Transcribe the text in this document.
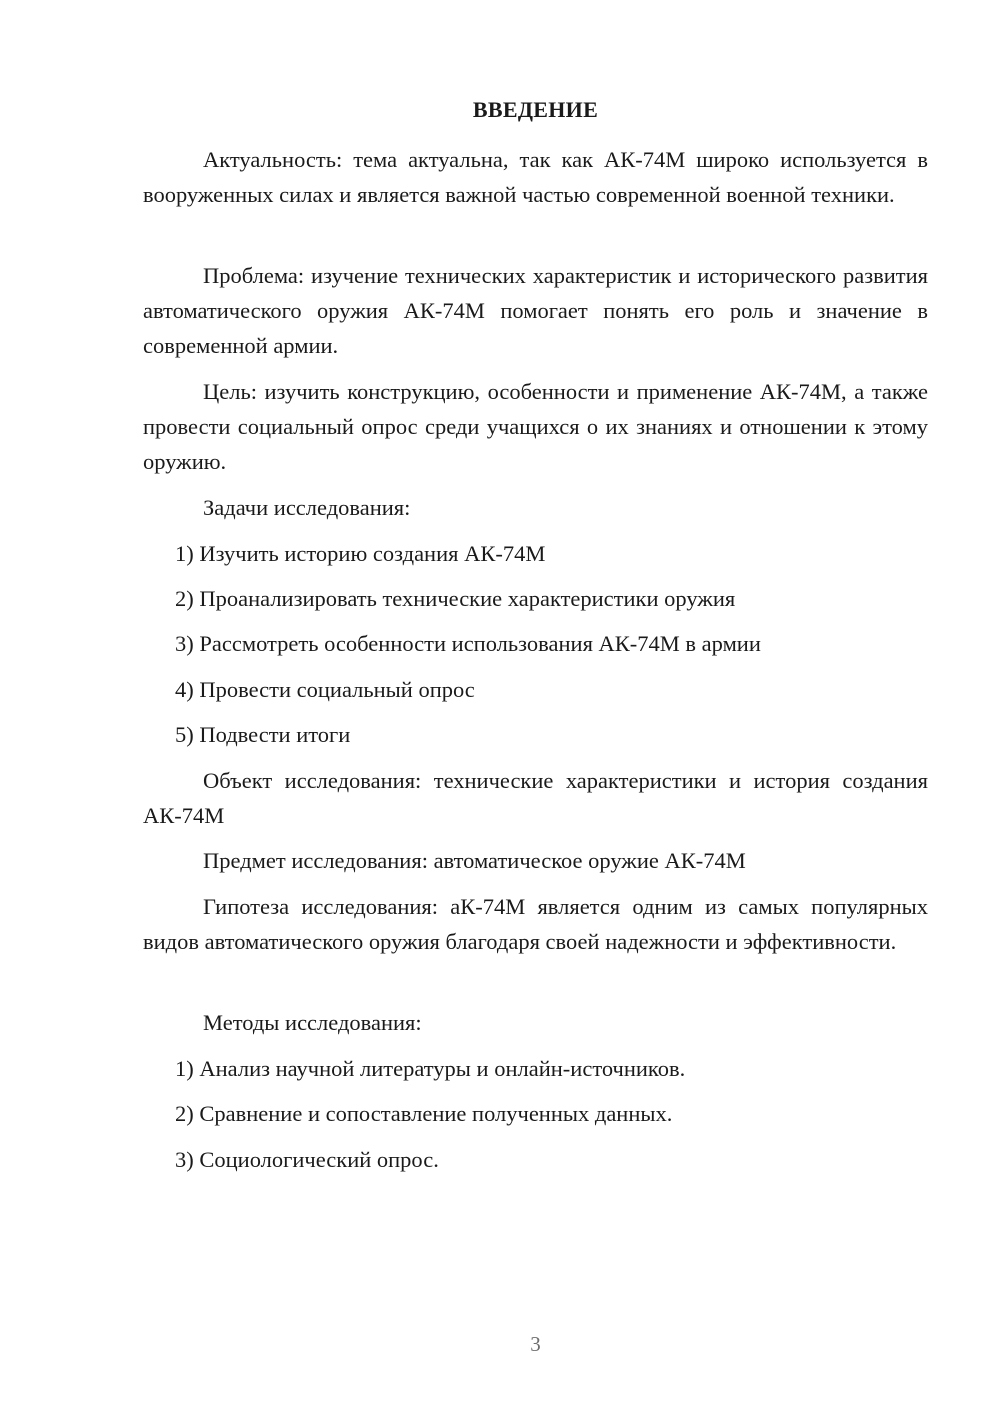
ВВЕДЕНИЕ

Актуальность: тема актуальна, так как АК-74М широко используется в вооруженных силах и является важной частью современной военной техники.

Проблема: изучение технических характеристик и исторического развития автоматического оружия АК-74М помогает понять его роль и значение в современной армии.

Цель: изучить конструкцию, особенности и применение АК-74М, а также провести социальный опрос среди учащихся о их знаниях и отношении к этому оружию.

Задачи исследования:
1) Изучить историю создания АК-74М
2) Проанализировать технические характеристики оружия
3) Рассмотреть особенности использования АК-74М в армии
4) Провести социальный опрос
5) Подвести итоги

Объект исследования: технические характеристики и история создания АК-74М

Предмет исследования: автоматическое оружие АК-74М

Гипотеза исследования: аК-74М является одним из самых популярных видов автоматического оружия благодаря своей надежности и эффективности.

Методы исследования:
1) Анализ научной литературы и онлайн-источников.
2) Сравнение и сопоставление полученных данных.
3) Социологический опрос.
3
